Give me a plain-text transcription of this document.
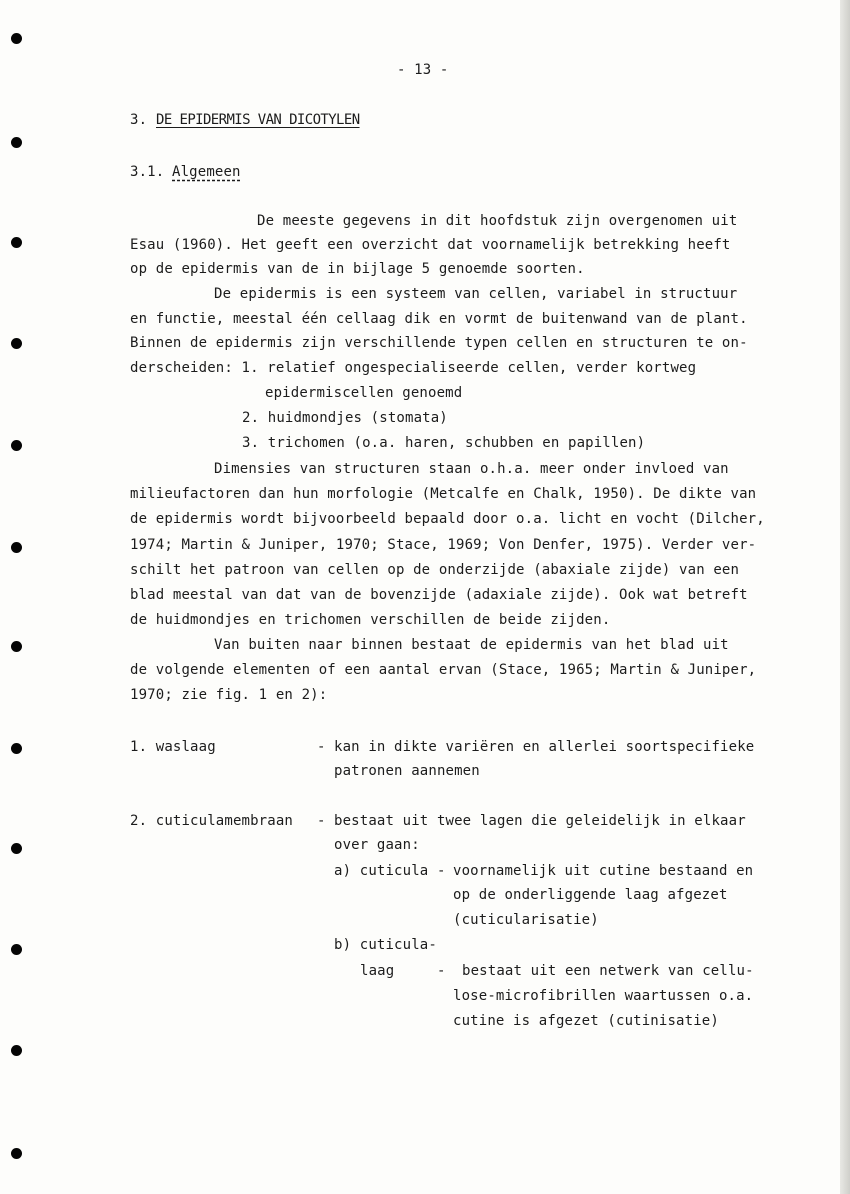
- 13 -
3. DE EPIDERMIS VAN DICOTYLEN
3.1. Algemeen
De meeste gegevens in dit hoofdstuk zijn overgenomen uit
Esau (1960). Het geeft een overzicht dat voornamelijk betrekking heeft
op de epidermis van de in bijlage 5 genoemde soorten.
De epidermis is een systeem van cellen, variabel in structuur
en functie, meestal één cellaag dik en vormt de buitenwand van de plant.
Binnen de epidermis zijn verschillende typen cellen en structuren te on-
derscheiden: 1. relatief ongespecialiseerde cellen, verder kortweg
epidermiscellen genoemd
2. huidmondjes (stomata)
3. trichomen (o.a. haren, schubben en papillen)
Dimensies van structuren staan o.h.a. meer onder invloed van
milieufactoren dan hun morfologie (Metcalfe en Chalk, 1950). De dikte van
de epidermis wordt bijvoorbeeld bepaald door o.a. licht en vocht (Dilcher,
1974; Martin & Juniper, 1970; Stace, 1969; Von Denfer, 1975). Verder ver-
schilt het patroon van cellen op de onderzijde (abaxiale zijde) van een
blad meestal van dat van de bovenzijde (adaxiale zijde). Ook wat betreft
de huidmondjes en trichomen verschillen de beide zijden.
Van buiten naar binnen bestaat de epidermis van het blad uit
de volgende elementen of een aantal ervan (Stace, 1965; Martin & Juniper,
1970; zie fig. 1 en 2):
1. waslaag	- kan in dikte variëren en allerlei soortspecifieke
patronen aannemen
2. cuticulamembraan - bestaat uit twee lagen die geleidelijk in elkaar
over gaan:
a) cuticula - voornamelijk uit cutine bestaand en
op de onderliggende laag afgezet
(cuticularisatie)
b) cuticula-
laag	- bestaat uit een netwerk van cellu-
lose-microfibrillen waartussen o.a.
cutine is afgezet (cutinisatie)
